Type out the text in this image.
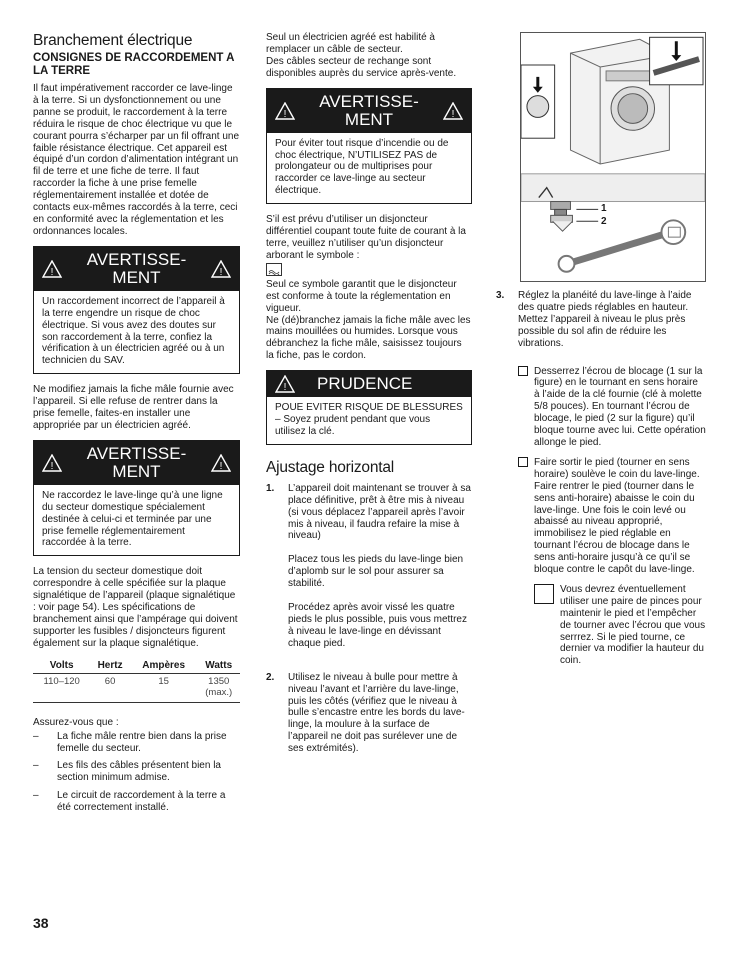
Branchement électrique
CONSIGNES DE RACCORDEMENT A LA TERRE

Il faut impérativement raccorder ce lave-linge à la terre. Si un dysfonctionnement ou une panne se produit, le raccordement à la terre réduira le risque de choc électrique vu que le courant pourra s’écharper par un fil offrant une faible résistance électrique. Cet appareil est équipé d’un cordon d’alimentation intégrant un fil de terre et une fiche de terre. Il faut raccorder la fiche à une prise femelle réglementairement installée et dotée de contacts eux-mêmes raccordés à la terre, ceci en conformité avec la réglementation et les ordonnances locales.

!
AVERTISSE-
MENT	!
Un raccordement incorrect de l’appareil à la terre engendre un risque de choc électrique. Si vous avez des doutes sur son raccordement à la terre, confiez la vérification à un électricien agréé ou à un technicien du SAV.

Ne modifiez jamais la fiche mâle fournie avec l’appareil. Si elle refuse de rentrer dans la prise femelle, faites-en installer une appropriée par un électricien agréé.

!
AVERTISSE-
MENT	!
Ne raccordez le lave-linge qu’à une ligne du secteur domestique spécialement destinée à celui-ci et terminée par une prise femelle réglementairement raccordée à la terre.

La tension du secteur domestique doit correspondre à celle spécifiée sur la plaque signalétique de l’appareil (plaque signalétique : voir page 54). Les spécifications de branchement ainsi que l’ampérage qui doivent supporter les fusibles / disjoncteurs figurent également sur la plaque signalétique.

Volts	Hertz	Ampères	Watts
110–120	60	15	1350
(max.)

Assurez-vous que :

–	La fiche mâle rentre bien dans la prise femelle du secteur.
–	Les fils des câbles présentent bien la section minimum admise.
–	Le circuit de raccordement à la terre a été correctement installé.

Seul un électricien agréé est habilité à remplacer un câble de secteur.
Des câbles secteur de rechange sont disponibles auprès du service après-vente.

!
AVERTISSE-
MENT	!
Pour éviter tout risque d’incendie ou de choc électrique, N’UTILISEZ PAS de prolongateur ou de multiprises pour raccorder ce lave-linge au secteur électrique.

S’il est prévu d’utiliser un disjoncteur différentiel coupant toute fuite de courant à la terre, veuillez n’utiliser qu’un disjoncteur arborant le symbole :

Seul ce symbole garantit que le disjoncteur est conforme à toute la réglementation en vigueur.
Ne (dé)branchez jamais la fiche mâle avec les mains mouillées ou humides. Lorsque vous débranchez la fiche mâle, saisissez toujours la fiche, pas le cordon.

! PRUDENCE
POUE EVITER RISQUE DE BLESSURES – Soyez prudent pendant que vous utilisez la clé.
Ajustage horizontal
1.	L’appareil doit maintenant se trouver à sa place définitive, prêt à être mis à niveau (si vous déplacez l’appareil après l’avoir mis à niveau, il faudra refaire la mise à niveau)
Placez tous les pieds du lave-linge bien d’aplomb sur le sol pour assurer sa stabilité.
Procédez après avoir vissé les quatre pieds le plus possible, puis vous mettrez à niveau le lave-linge en dévissant chaque pied.
2.	Utilisez le niveau à bulle pour mettre à niveau l’avant et l’arrière du lave-linge, puis les côtés (vérifiez que le niveau à bulle s’encastre entre les bords du lave-linge, la moulure à la surface de l’appareil ne doit pas surélever une de ses extrémités).
1
2
3.	Réglez la planéité du lave-linge à l’aide des quatre pieds réglables en hauteur. Mettez l’appareil à niveau le plus près possible du sol afin de réduire les vibrations.
Desserrez l’écrou de blocage (1 sur la figure) en le tournant en sens horaire à l’aide de la clé fournie (clé à molette 5/8 pouces). En tournant l’écrou de blocage, le pied (2 sur la figure) qu’il bloque tourne avec lui. Cette opération allonge le pied.
Faire sortir le pied (tourner en sens horaire) soulève le coin du lave-linge. Faire rentrer le pied (tourner dans le sens anti-horaire) abaisse le coin du lave-linge. Une fois le coin levé ou abaissé au niveau approprié, immobilisez le pied réglable en tournant l’écrou de blocage dans le sens anti-horaire jusqu’à ce qu’il se bloque contre le capôt du lave-linge.
Vous devrez éventuellement utiliser une paire de pinces pour maintenir le pied et l’empêcher de tourner avec l’écrou que vous serrrez. Si le pied tourne, ce dernier va modifier la hauteur du coin.
38
